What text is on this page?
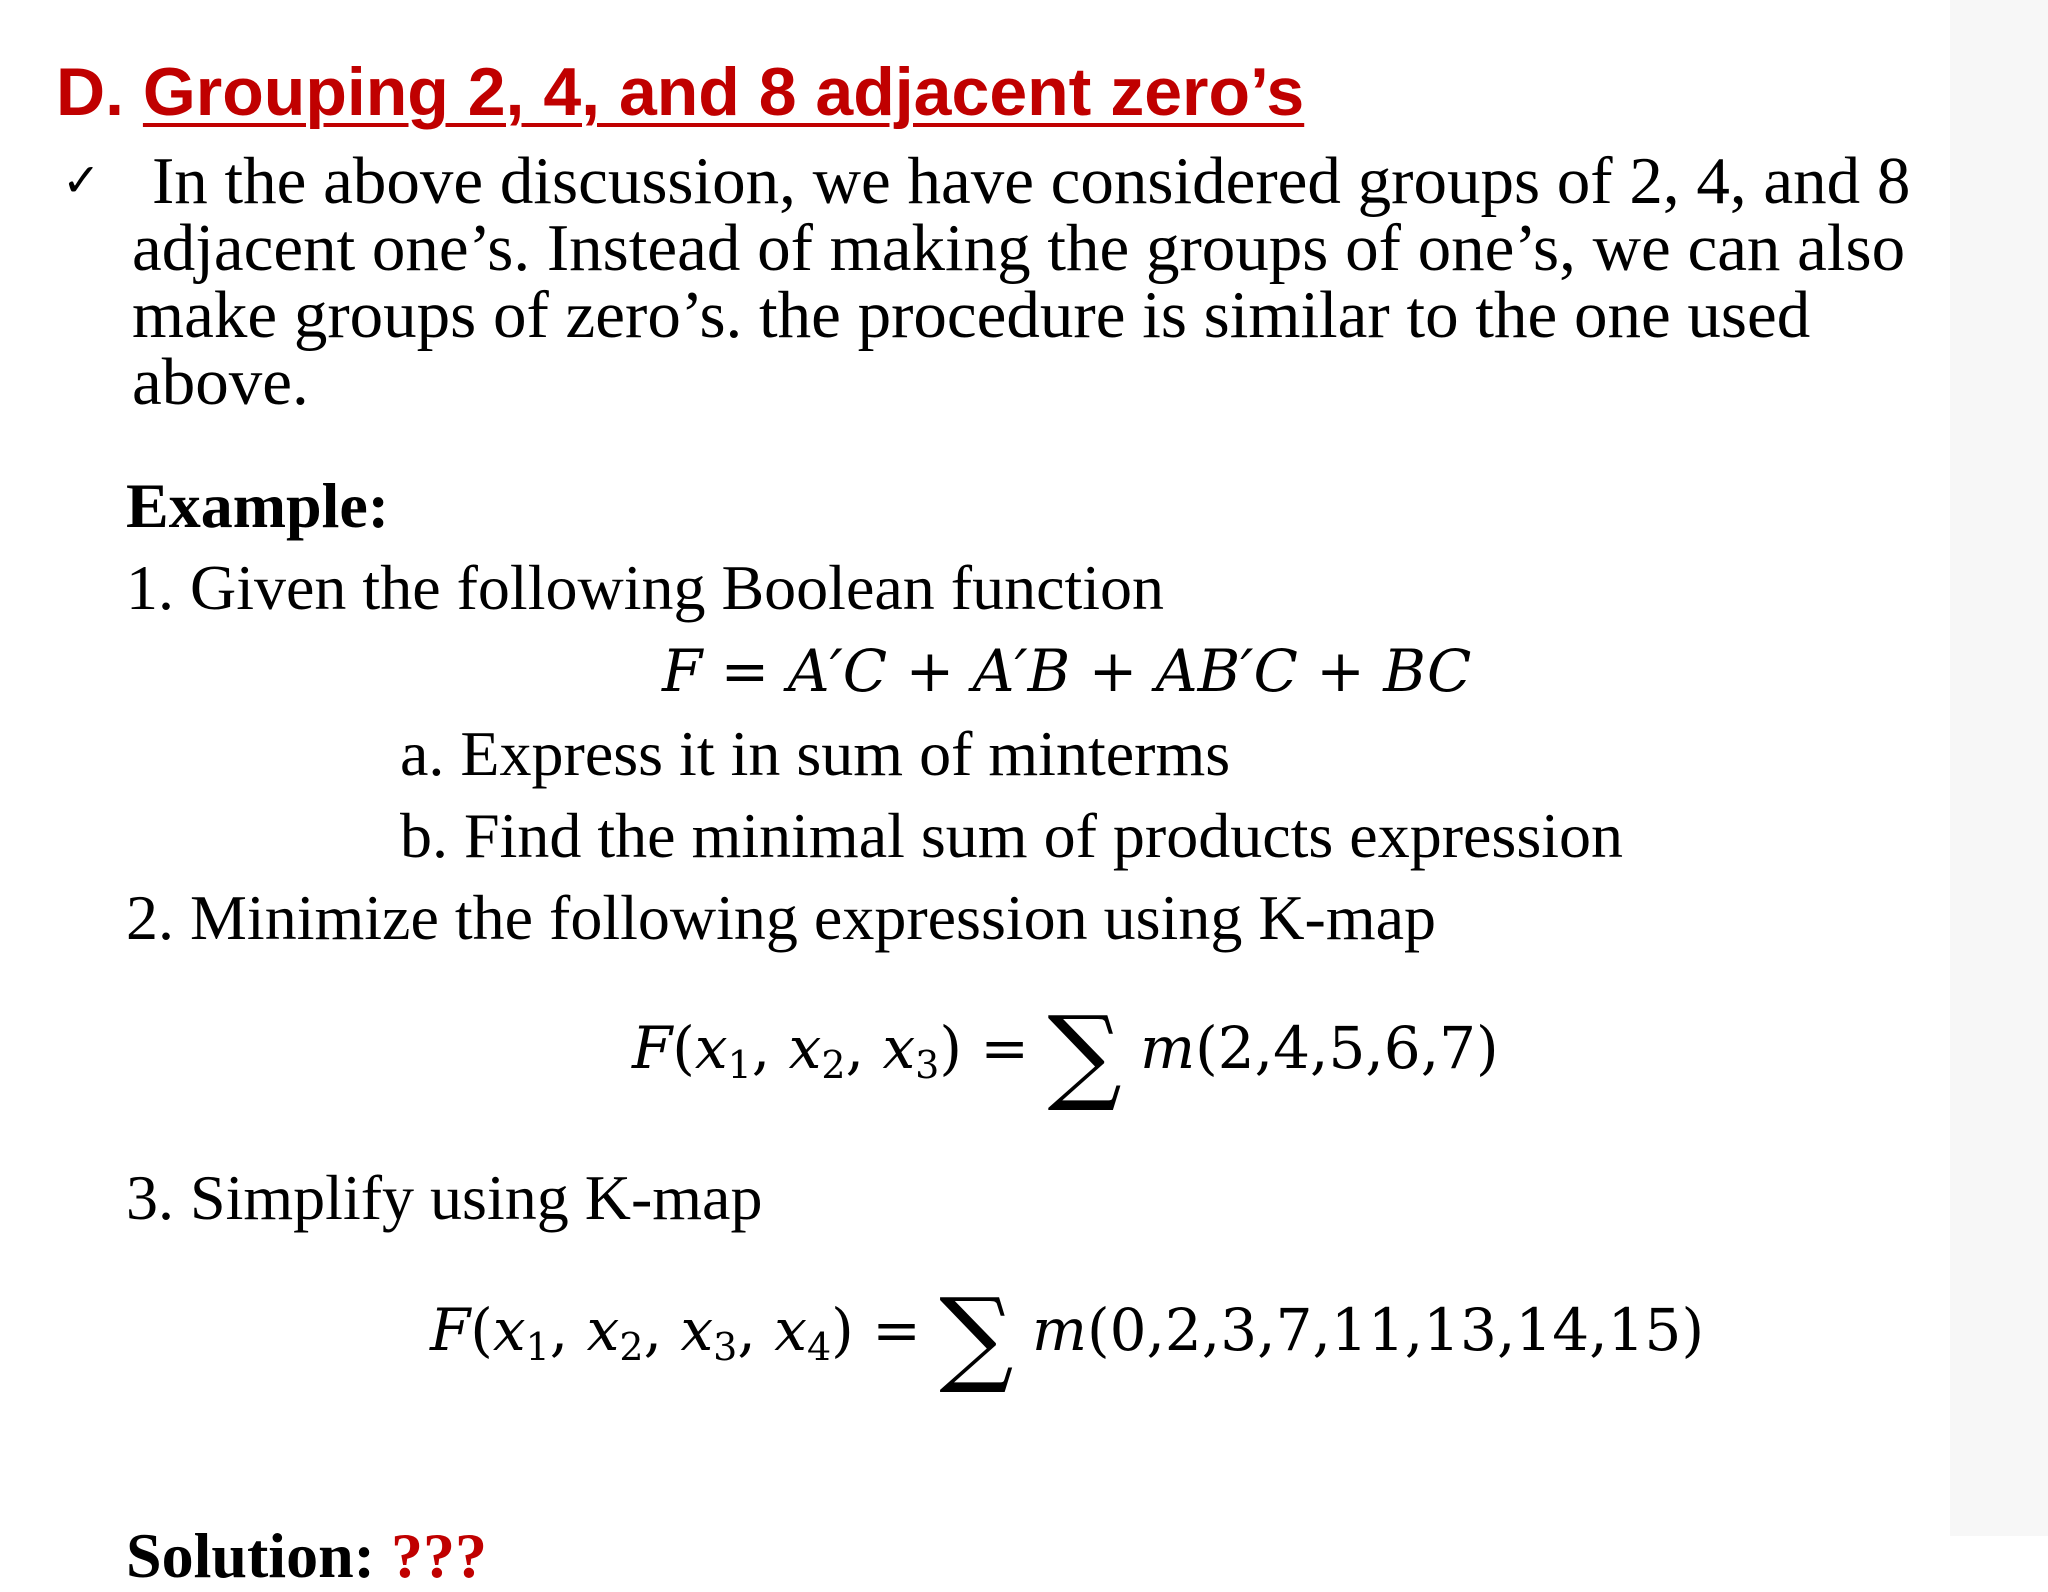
D. Grouping 2, 4, and 8 adjacent zero’s
✓ In the above discussion, we have considered groups of 2, 4, and 8
adjacent one’s. Instead of making the groups of one’s, we can also
make groups of zero’s. the procedure is similar to the one used
above.
Example:
1. Given the following Boolean function
F = A′C + A′B + AB′C + BC
a. Express it in sum of minterms
b. Find the minimal sum of products expression
2. Minimize the following expression using K-map
$F(x_1$, $x_2$, $x_3$) = ∑ m(2,4,5,6,7)
3. Simplify using K-map
$F(x_1$, $x_2$, $x_3$, $x_4$) = ∑ m(0,2,3,7,11,13,14,15)
Solution: ???
